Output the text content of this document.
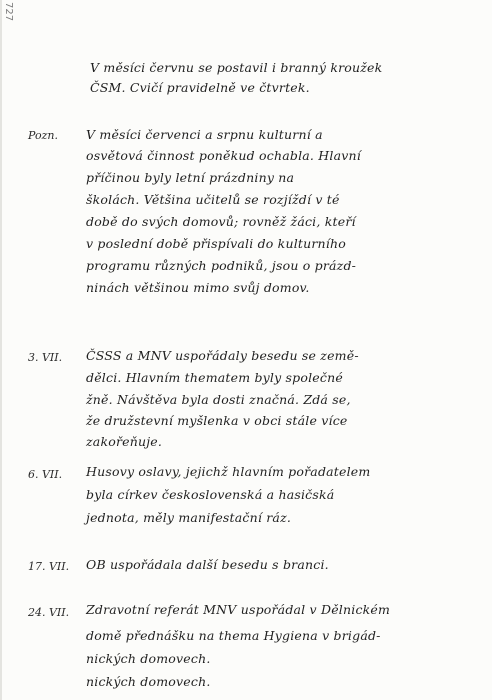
727
V měsíci červnu se postavil i branný kroužek
ČSM. Cvičí pravidelně ve čtvrtek.
Pozn. V měsíci červenci a srpnu kulturní a
osvětová činnost poněkud ochabla. Hlavní
příčinou byly letní prázdniny na
školách. Většina učitelů se rozjíždí v té
době do svých domovů; rovněž žáci, kteří
v poslední době přispívali do kulturního
programu různých podniků, jsou o prázd-
ninách většinou mimo svůj domov.
3. VII. ČSSS a MNV uspořádaly besedu se země-
dělci. Hlavním thematem byly společné
žně. Návštěva byla dosti značná. Zdá se,
že družstevní myšlenka v obci stále více
zakořeňuje.
6. VII. Husovy oslavy, jejichž hlavním pořadatelem
byla církev československá a hasičská
jednota, měly manifestační ráz.
17. VII. OB uspořádala další besedu s branci.
24. VII. Zdravotní referát MNV uspořádal v Dělnickém
domě přednášku na thema Hygiena v brigád-
nických domovech.
nických domovech.
